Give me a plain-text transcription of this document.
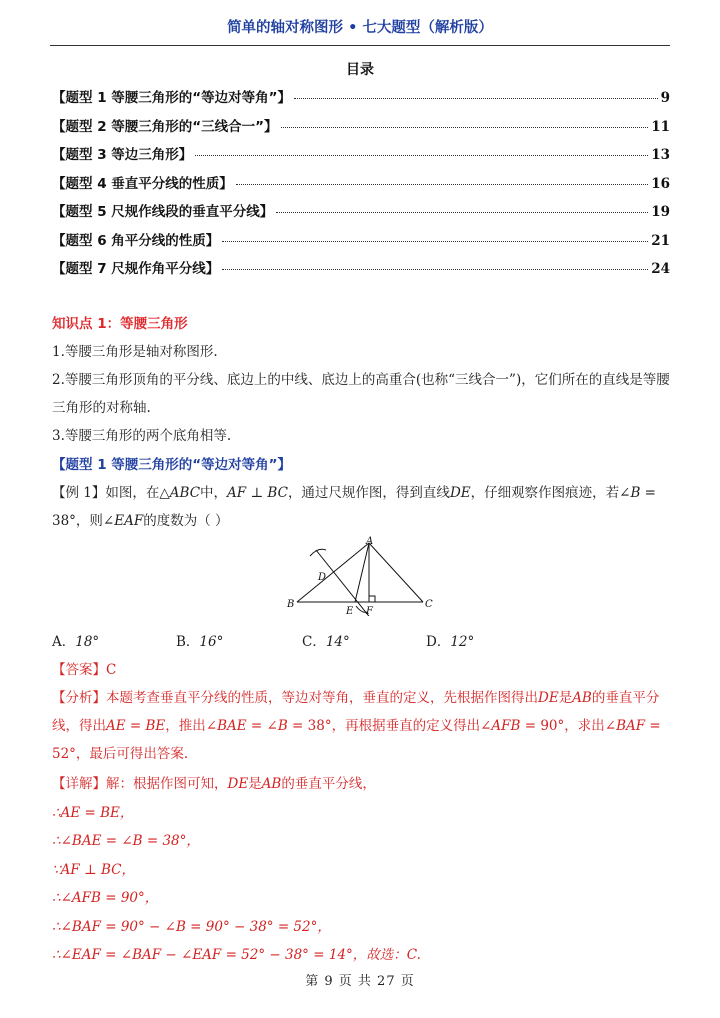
简单的轴对称图形 • 七大题型（解析版）
目录
【题型 1 等腰三角形的“等边对等角”】	9
【题型 2 等腰三角形的“三线合一”】	11
【题型 3 等边三角形】	13
【题型 4 垂直平分线的性质】	16
【题型 5 尺规作线段的垂直平分线】	19
【题型 6 角平分线的性质】	21
【题型 7 尺规作角平分线】	24
知识点 1：等腰三角形
1.等腰三角形是轴对称图形.
2.等腰三角形顶角的平分线、底边上的中线、底边上的高重合(也称“三线合一”)，它们所在的直线是等腰三角形的对称轴.
3.等腰三角形的两个底角相等.
【题型 1 等腰三角形的“等边对等角”】
【例 1】如图，在△ABC中，AF ⊥ BC，通过尺规作图，得到直线DE，仔细观察作图痕迹，若∠B = 38°，则∠EAF的度数为（ ）
A
B	C
D
E F
A．18°	B．16°	C．14°	D．12°
【答案】C
【分析】本题考查垂直平分线的性质，等边对等角，垂直的定义，先根据作图得出DE是AB的垂直平分线，得出AE = BE，推出∠BAE = ∠B = 38°，再根据垂直的定义得出∠AFB = 90°，求出∠BAF = 52°，最后可得出答案.
【详解】解：根据作图可知，DE是AB的垂直平分线，
∴AE = BE，
∴∠BAE = ∠B = 38°，
∵AF ⊥ BC，
∴∠AFB = 90°，
∴∠BAF = 90° − ∠B = 90° − 38° = 52°，
∴∠EAF = ∠BAF − ∠EAF = 52° − 38° = 14°，故选：C.
第 9 页 共 27 页
